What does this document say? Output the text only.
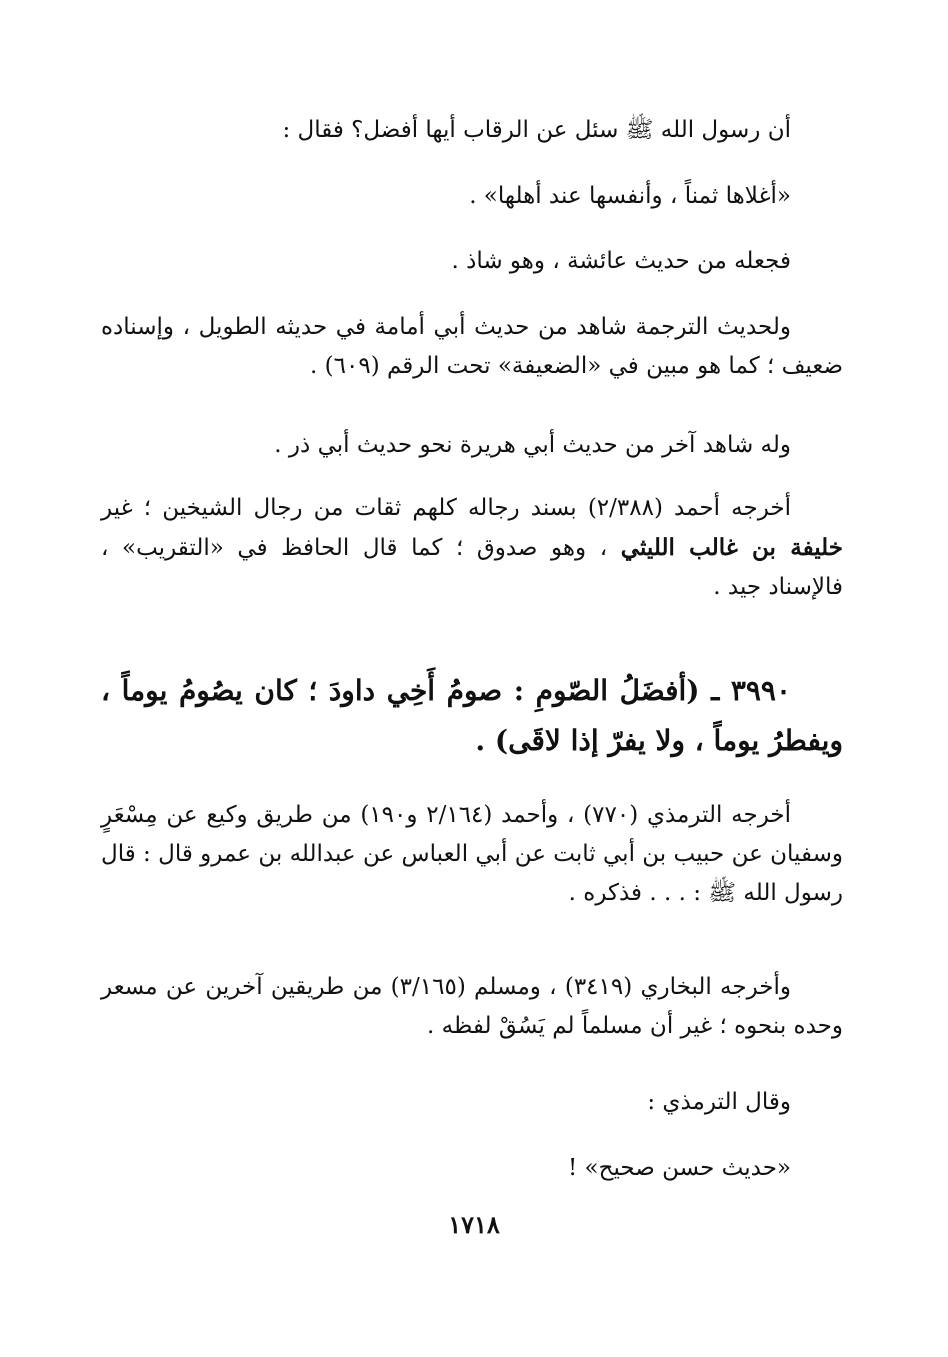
أن رسول الله ﷺ سئل عن الرقاب أيها أفضل؟ فقال :

«أغلاها ثمناً ، وأنفسها عند أهلها» .

فجعله من حديث عائشة ، وهو شاذ .

ولحديث الترجمة شاهد من حديث أبي أمامة في حديثه الطويل ، وإسناده ضعيف ؛ كما هو مبين في «الضعيفة» تحت الرقم (٦٠٩) .

وله شاهد آخر من حديث أبي هريرة نحو حديث أبي ذر .

أخرجه أحمد (٢/٣٨٨) بسند رجاله كلهم ثقات من رجال الشيخين ؛ غير خليفة بن غالب الليثي ، وهو صدوق ؛ كما قال الحافظ في «التقريب» ، فالإسناد جيد .

٣٩٩٠ ـ (أفضَلُ الصّومِ : صومُ أَخِي داودَ ؛ كان يصُومُ يوماً ، ويفطرُ يوماً ، ولا يفرّ إذا لاقَى) .

أخرجه الترمذي (٧٧٠) ، وأحمد (٢/١٦٤ و١٩٠) من طريق وكيع عن مِسْعَرٍ وسفيان عن حبيب بن أبي ثابت عن أبي العباس عن عبدالله بن عمرو قال : قال رسول الله ﷺ : . . . فذكره .

وأخرجه البخاري (٣٤١٩) ، ومسلم (٣/١٦٥) من طريقين آخرين عن مسعر وحده بنحوه ؛ غير أن مسلماً لم يَسُقْ لفظه .

وقال الترمذي :

«حديث حسن صحيح» !

١٧١٨
